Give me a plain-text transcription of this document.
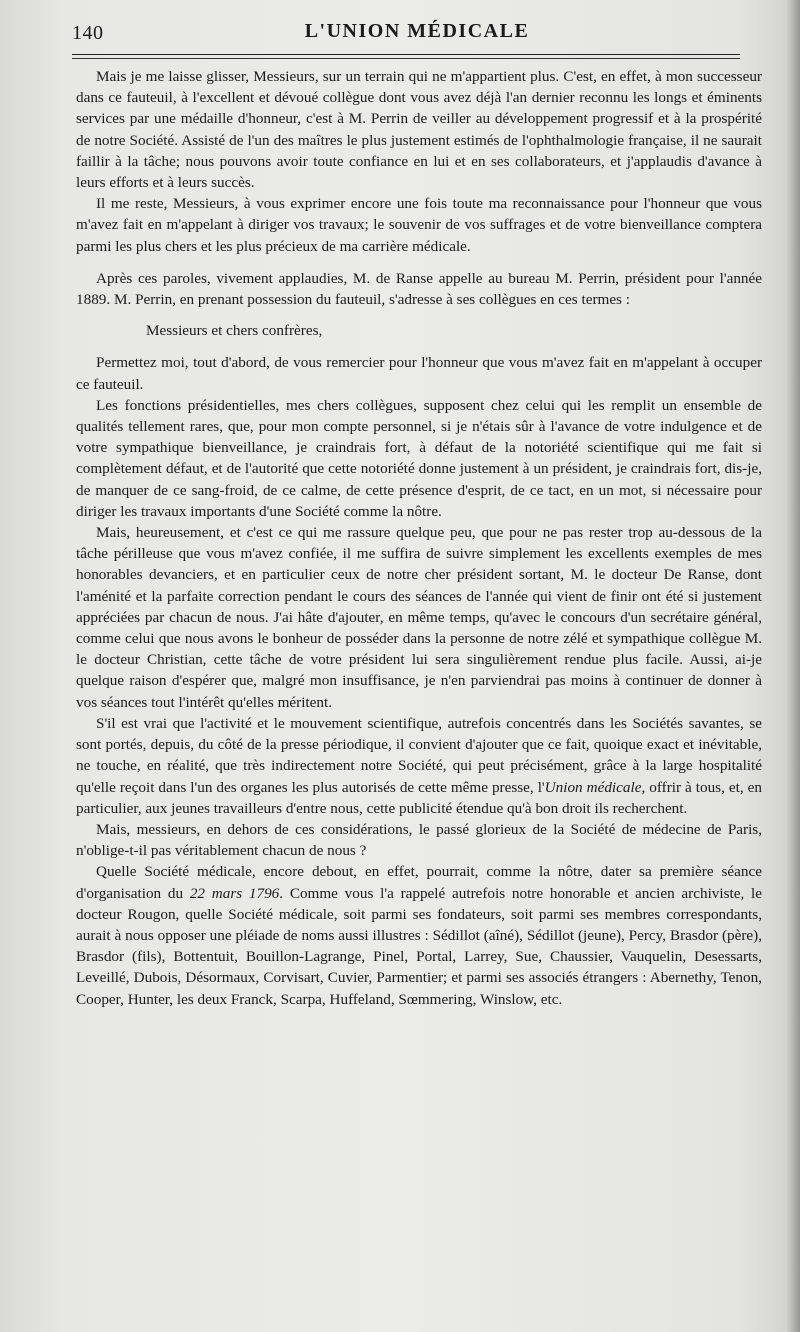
140	L'UNION MÉDICALE

Mais je me laisse glisser, Messieurs, sur un terrain qui ne m'appartient plus. C'est, en effet, à mon successeur dans ce fauteuil, à l'excellent et dévoué collègue dont vous avez déjà l'an dernier reconnu les longs et éminents services par une médaille d'honneur, c'est à M. Perrin de veiller au développement progressif et à la prospérité de notre Société. Assisté de l'un des maîtres le plus justement estimés de l'ophthalmologie française, il ne saurait faillir à la tâche; nous pouvons avoir toute confiance en lui et en ses collaborateurs, et j'applaudis d'avance à leurs efforts et à leurs succès.

Il me reste, Messieurs, à vous exprimer encore une fois toute ma reconnaissance pour l'honneur que vous m'avez fait en m'appelant à diriger vos travaux; le souvenir de vos suffrages et de votre bienveillance comptera parmi les plus chers et les plus précieux de ma carrière médicale.

Après ces paroles, vivement applaudies, M. de Ranse appelle au bureau M. Perrin, président pour l'année 1889. M. Perrin, en prenant possession du fauteuil, s'adresse à ses collègues en ces termes :

Messieurs et chers confrères,

Permettez moi, tout d'abord, de vous remercier pour l'honneur que vous m'avez fait en m'appelant à occuper ce fauteuil.

Les fonctions présidentielles, mes chers collègues, supposent chez celui qui les remplit un ensemble de qualités tellement rares, que, pour mon compte personnel, si je n'étais sûr à l'avance de votre indulgence et de votre sympathique bienveillance, je craindrais fort, à défaut de la notoriété scientifique qui me fait si complètement défaut, et de l'autorité que cette notoriété donne justement à un président, je craindrais fort, dis-je, de manquer de ce sang-froid, de ce calme, de cette présence d'esprit, de ce tact, en un mot, si nécessaire pour diriger les travaux importants d'une Société comme la nôtre.

Mais, heureusement, et c'est ce qui me rassure quelque peu, que pour ne pas rester trop au-dessous de la tâche périlleuse que vous m'avez confiée, il me suffira de suivre simplement les excellents exemples de mes honorables devanciers, et en particulier ceux de notre cher président sortant, M. le docteur De Ranse, dont l'aménité et la parfaite correction pendant le cours des séances de l'année qui vient de finir ont été si justement appréciées par chacun de nous. J'ai hâte d'ajouter, en même temps, qu'avec le concours d'un secrétaire général, comme celui que nous avons le bonheur de posséder dans la personne de notre zélé et sympathique collègue M. le docteur Christian, cette tâche de votre président lui sera singulièrement rendue plus facile. Aussi, ai-je quelque raison d'espérer que, malgré mon insuffisance, je n'en parviendrai pas moins à continuer de donner à vos séances tout l'intérêt qu'elles méritent.

S'il est vrai que l'activité et le mouvement scientifique, autrefois concentrés dans les Sociétés savantes, se sont portés, depuis, du côté de la presse périodique, il convient d'ajouter que ce fait, quoique exact et inévitable, ne touche, en réalité, que très indirectement notre Société, qui peut précisément, grâce à la large hospitalité qu'elle reçoit dans l'un des organes les plus autorisés de cette même presse, l'Union médicale, offrir à tous, et, en particulier, aux jeunes travailleurs d'entre nous, cette publicité étendue qu'à bon droit ils recherchent.

Mais, messieurs, en dehors de ces considérations, le passé glorieux de la Société de médecine de Paris, n'oblige-t-il pas véritablement chacun de nous ?

Quelle Société médicale, encore debout, en effet, pourrait, comme la nôtre, dater sa première séance d'organisation du 22 mars 1796. Comme vous l'a rappelé autrefois notre honorable et ancien archiviste, le docteur Rougon, quelle Société médicale, soit parmi ses fondateurs, soit parmi ses membres correspondants, aurait à nous opposer une pléiade de noms aussi illustres : Sédillot (aîné), Sédillot (jeune), Percy, Brasdor (père), Brasdor (fils), Bottentuit, Bouillon-Lagrange, Pinel, Portal, Larrey, Sue, Chaussier, Vauquelin, Desessarts, Leveillé, Dubois, Désormaux, Corvisart, Cuvier, Parmentier; et parmi ses associés étrangers : Abernethy, Tenon, Cooper, Hunter, les deux Franck, Scarpa, Huffeland, Sœmmering, Winslow, etc.
